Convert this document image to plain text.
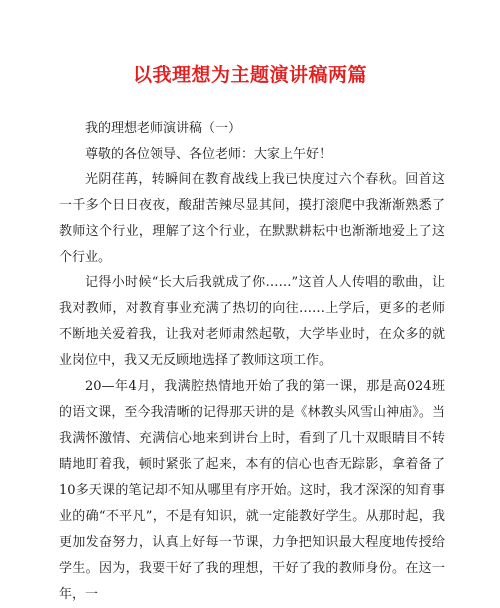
以我理想为主题演讲稿两篇

我的理想老师演讲稿（一）

尊敬的各位领导、各位老师：大家上午好！

光阴荏苒，转瞬间在教育战线上我已快度过六个春秋。回首这一千多个日日夜夜，酸甜苦辣尽显其间，摸打滚爬中我渐渐熟悉了教师这个行业，理解了这个行业，在默默耕耘中也渐渐地爱上了这个行业。

记得小时候“长大后我就成了你……”这首人人传唱的歌曲，让我对教师，对教育事业充满了热切的向往……上学后，更多的老师不断地关爱着我，让我对老师肃然起敬，大学毕业时，在众多的就业岗位中，我又无反顾地选择了教师这项工作。

20—年4月，我满腔热情地开始了我的第一课，那是高024班的语文课，至今我清晰的记得那天讲的是《林教头风雪山神庙》。当我满怀激情、充满信心地来到讲台上时，看到了几十双眼睛目不转睛地盯着我，顿时紧张了起来，本有的信心也杳无踪影，拿着备了10多天课的笔记却不知从哪里有序开始。这时，我才深深的知育事业的确“不平凡”，不是有知识，就一定能教好学生。从那时起，我更加发奋努力，认真上好每一节课，力争把知识最大程度地传授给学生。因为，我要干好了我的理想，干好了我的教师身份。在这一年，一
